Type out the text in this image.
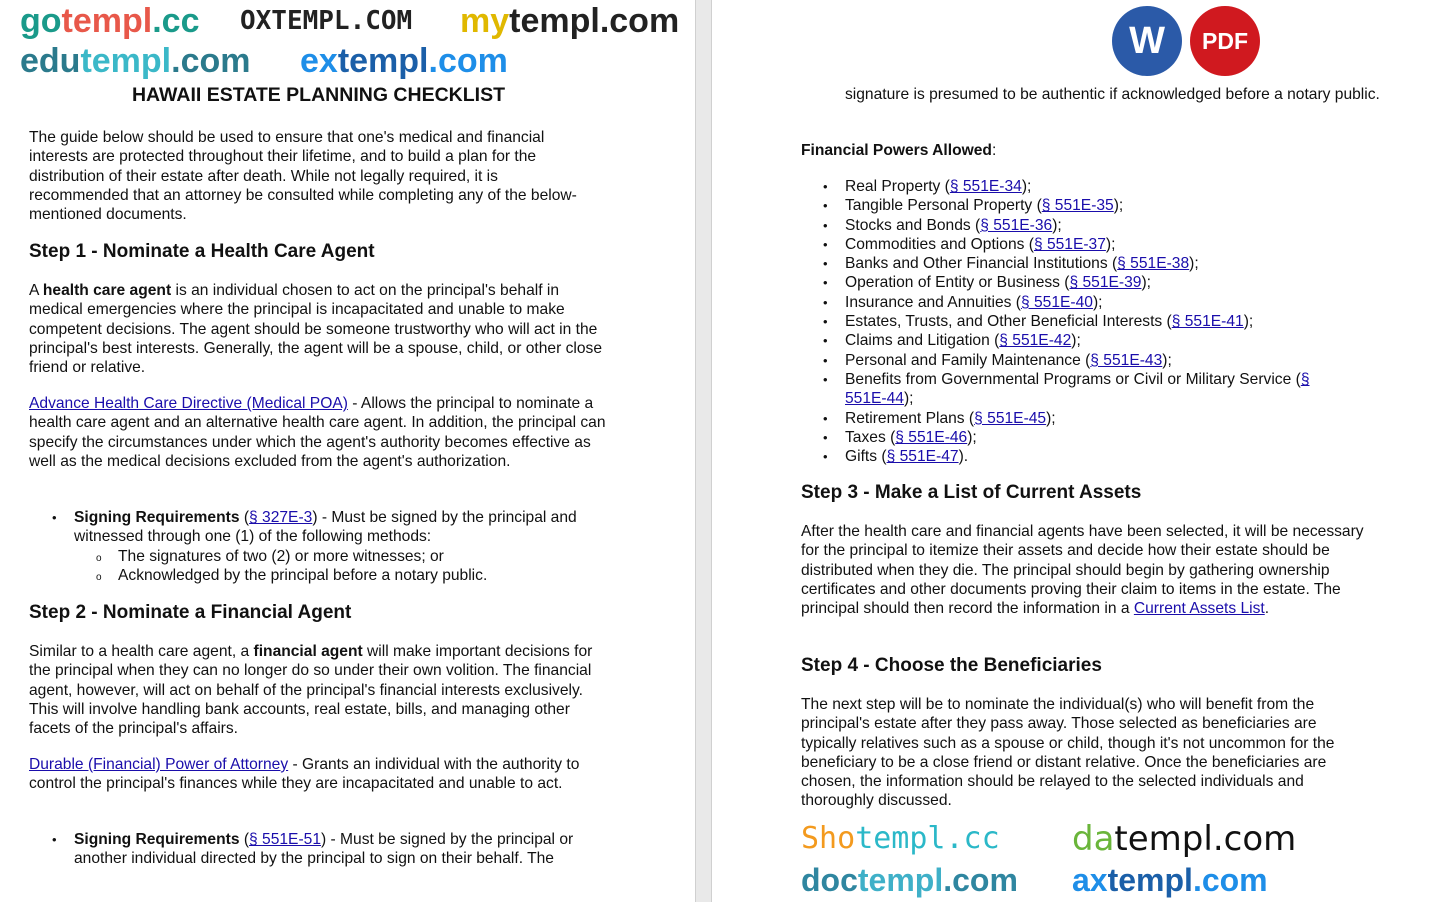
gotempl.cc OXTEMPL.COM mytempl.com
edutempl.com extempl.com
HAWAII ESTATE PLANNING CHECKLIST
The guide below should be used to ensure that one's medical and financial interests are protected throughout their lifetime, and to build a plan for the distribution of their estate after death. While not legally required, it is recommended that an attorney be consulted while completing any of the below-mentioned documents.
Step 1 - Nominate a Health Care Agent
A health care agent is an individual chosen to act on the principal's behalf in medical emergencies where the principal is incapacitated and unable to make competent decisions. The agent should be someone trustworthy who will act in the principal's best interests. Generally, the agent will be a spouse, child, or other close friend or relative.
Advance Health Care Directive (Medical POA) - Allows the principal to nominate a health care agent and an alternative health care agent. In addition, the principal can specify the circumstances under which the agent's authority becomes effective as well as the medical decisions excluded from the agent's authorization.
• Signing Requirements (§ 327E-3) - Must be signed by the principal and witnessed through one (1) of the following methods:
o The signatures of two (2) or more witnesses; or
o Acknowledged by the principal before a notary public.
Step 2 - Nominate a Financial Agent
Similar to a health care agent, a financial agent will make important decisions for the principal when they can no longer do so under their own volition. The financial agent, however, will act on behalf of the principal's financial interests exclusively. This will involve handling bank accounts, real estate, bills, and managing other facets of the principal's affairs.
Durable (Financial) Power of Attorney - Grants an individual with the authority to control the principal's finances while they are incapacitated and unable to act.
• Signing Requirements (§ 551E-51) - Must be signed by the principal or another individual directed by the principal to sign on their behalf. The
W	PDF
signature is presumed to be authentic if acknowledged before a notary public.
Financial Powers Allowed:
• Real Property (§ 551E-34);
• Tangible Personal Property (§ 551E-35);
• Stocks and Bonds (§ 551E-36);
• Commodities and Options (§ 551E-37);
• Banks and Other Financial Institutions (§ 551E-38);
• Operation of Entity or Business (§ 551E-39);
• Insurance and Annuities (§ 551E-40);
• Estates, Trusts, and Other Beneficial Interests (§ 551E-41);
• Claims and Litigation (§ 551E-42);
• Personal and Family Maintenance (§ 551E-43);
• Benefits from Governmental Programs or Civil or Military Service (§ 551E-44);
• Retirement Plans (§ 551E-45);
• Taxes (§ 551E-46);
• Gifts (§ 551E-47).
Step 3 - Make a List of Current Assets
After the health care and financial agents have been selected, it will be necessary for the principal to itemize their assets and decide how their estate should be distributed when they die. The principal should begin by gathering ownership certificates and other documents proving their claim to items in the estate. The principal should then record the information in a Current Assets List.
Step 4 - Choose the Beneficiaries
The next step will be to nominate the individual(s) who will benefit from the principal's estate after they pass away. Those selected as beneficiaries are typically relatives such as a spouse or child, though it's not uncommon for the beneficiary to be a close friend or distant relative. Once the beneficiaries are chosen, the information should be relayed to the selected individuals and thoroughly discussed.
Shotempl.cc datempl.com
doctempl.com axtempl.com
